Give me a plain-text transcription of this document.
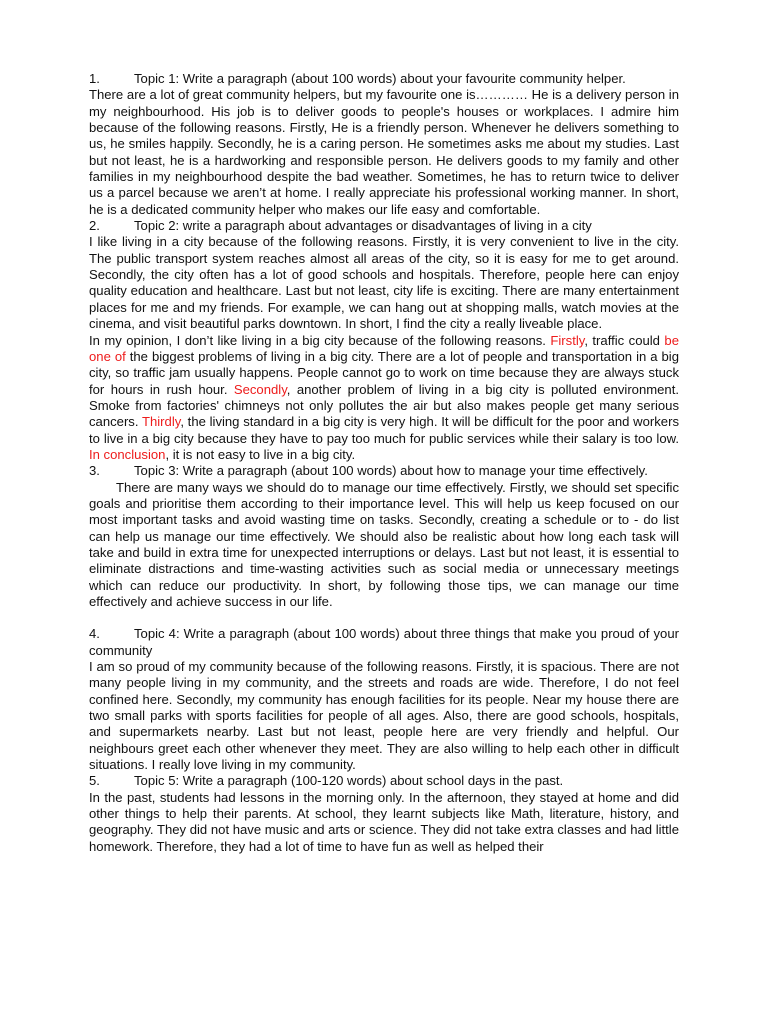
1.	Topic 1: Write a paragraph (about 100 words) about your favourite community helper.

There are a lot of great community helpers, but my favourite one is………… He is a delivery person in my neighbourhood. His job is to deliver goods to people's houses or workplaces. I admire him because of the following reasons. Firstly, He is a friendly person. Whenever he delivers something to us, he smiles happily. Secondly, he is a caring person. He sometimes asks me about my studies. Last but not least, he is a hardworking and responsible person. He delivers goods to my family and other families in my neighbourhood despite the bad weather. Sometimes, he has to return twice to deliver us a parcel because we aren’t at home. I really appreciate his professional working manner. In short, he is a dedicated community helper who makes our life easy and comfortable.

2.	Topic 2: write a paragraph about advantages or disadvantages of living in a city

I like living in a city because of the following reasons. Firstly, it is very convenient to live in the city. The public transport system reaches almost all areas of the city, so it is easy for me to get around. Secondly, the city often has a lot of good schools and hospitals. Therefore, people here can enjoy quality education and healthcare. Last but not least, city life is exciting. There are many entertainment places for me and my friends. For example, we can hang out at shopping malls, watch movies at the cinema, and visit beautiful parks downtown. In short, I find the city a really liveable place.

In my opinion, I don’t like living in a big city because of the following reasons. Firstly, traffic could be one of the biggest problems of living in a big city. There are a lot of people and transportation in a big city, so traffic jam usually happens. People cannot go to work on time because they are always stuck for hours in rush hour. Secondly, another problem of living in a big city is polluted environment. Smoke from factories' chimneys not only pollutes the air but also makes people get many serious cancers. Thirdly, the living standard in a big city is very high. It will be difficult for the poor and workers to live in a big city because they have to pay too much for public services while their salary is too low. In conclusion, it is not easy to live in a big city.

3.	Topic 3: Write a paragraph (about 100 words) about how to manage your time effectively.

There are many ways we should do to manage our time effectively. Firstly, we should set specific goals and prioritise them according to their importance level. This will help us keep focused on our most important tasks and avoid wasting time on tasks. Secondly, creating a schedule or to - do list can help us manage our time effectively. We should also be realistic about how long each task will take and build in extra time for unexpected interruptions or delays. Last but not least, it is essential to eliminate distractions and time-wasting activities such as social media or unnecessary meetings which can reduce our productivity. In short, by following those tips, we can manage our time effectively and achieve success in our life.

4.	Topic 4: Write a paragraph (about 100 words) about three things that make you proud of your community

I am so proud of my community because of the following reasons. Firstly, it is spacious. There are not many people living in my community, and the streets and roads are wide. Therefore, I do not feel confined here. Secondly, my community has enough facilities for its people. Near my house there are two small parks with sports facilities for people of all ages. Also, there are good schools, hospitals, and supermarkets nearby. Last but not least, people here are very friendly and helpful. Our neighbours greet each other whenever they meet. They are also willing to help each other in difficult situations. I really love living in my community.

5.	Topic 5: Write a paragraph (100-120 words) about school days in the past.

In the past, students had lessons in the morning only. In the afternoon, they stayed at home and did other things to help their parents. At school, they learnt subjects like Math, literature, history, and geography. They did not have music and arts or science. They did not take extra classes and had little homework. Therefore, they had a lot of time to have fun as well as helped their
